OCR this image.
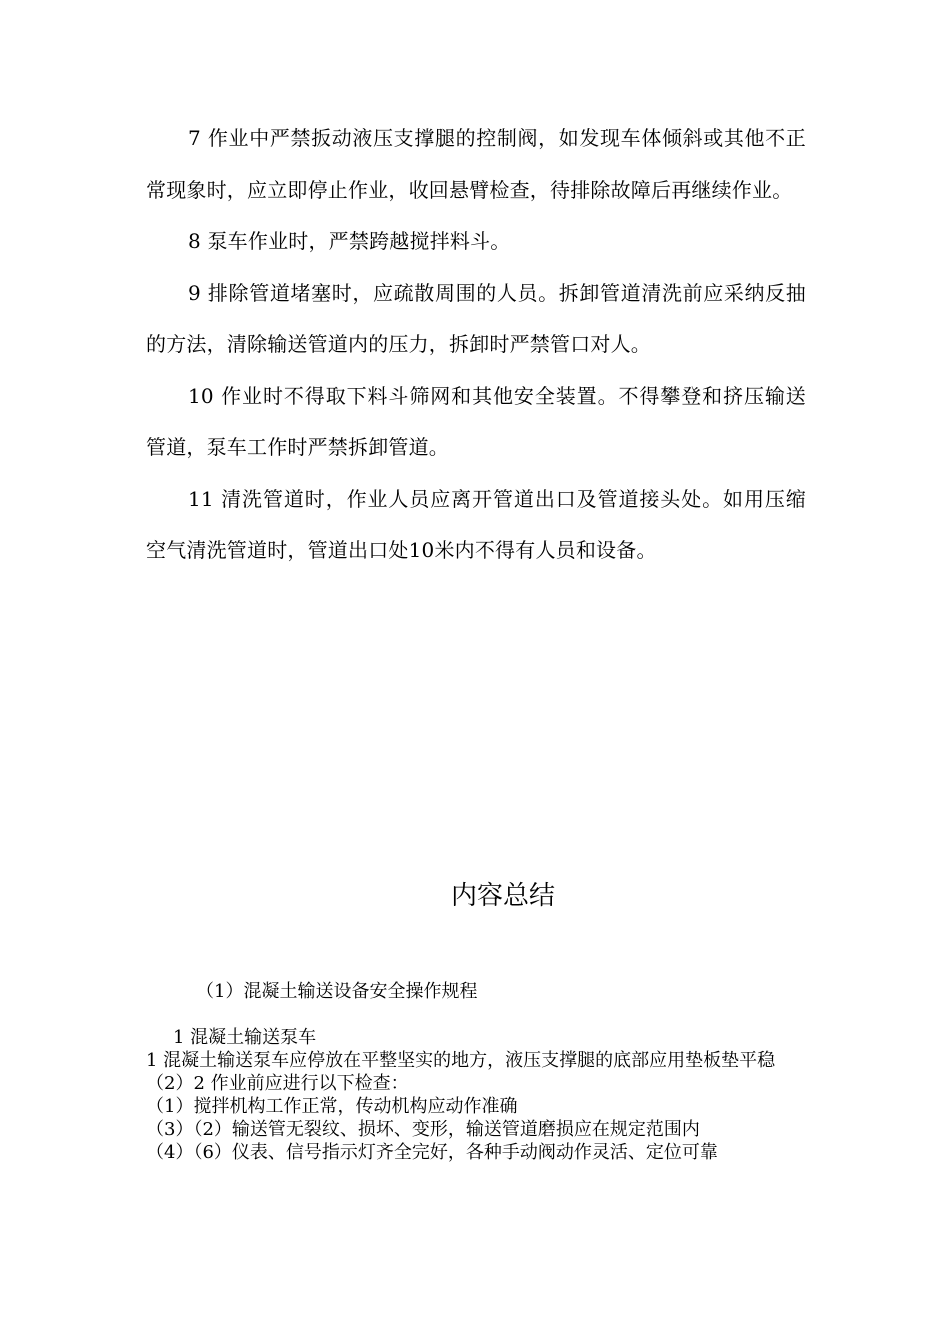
7 作业中严禁扳动液压支撑腿的控制阀，如发现车体倾斜或其他不正常现象时，应立即停止作业，收回悬臂检查，待排除故障后再继续作业。

8 泵车作业时，严禁跨越搅拌料斗。

9 排除管道堵塞时，应疏散周围的人员。拆卸管道清洗前应采纳反抽的方法，清除输送管道内的压力，拆卸时严禁管口对人。

10 作业时不得取下料斗筛网和其他安全装置。不得攀登和挤压输送管道，泵车工作时严禁拆卸管道。

11 清洗管道时，作业人员应离开管道出口及管道接头处。如用压缩空气清洗管道时，管道出口处10米内不得有人员和设备。

内容总结

（1）混凝土输送设备安全操作规程

1 混凝土输送泵车

1 混凝土输送泵车应停放在平整坚实的地方，液压支撑腿的底部应用垫板垫平稳

（2）2 作业前应进行以下检查：

（1）搅拌机构工作正常，传动机构应动作准确

（3）（2）输送管无裂纹、损坏、变形，输送管道磨损应在规定范围内

（4）（6）仪表、信号指示灯齐全完好，各种手动阀动作灵活、定位可靠
